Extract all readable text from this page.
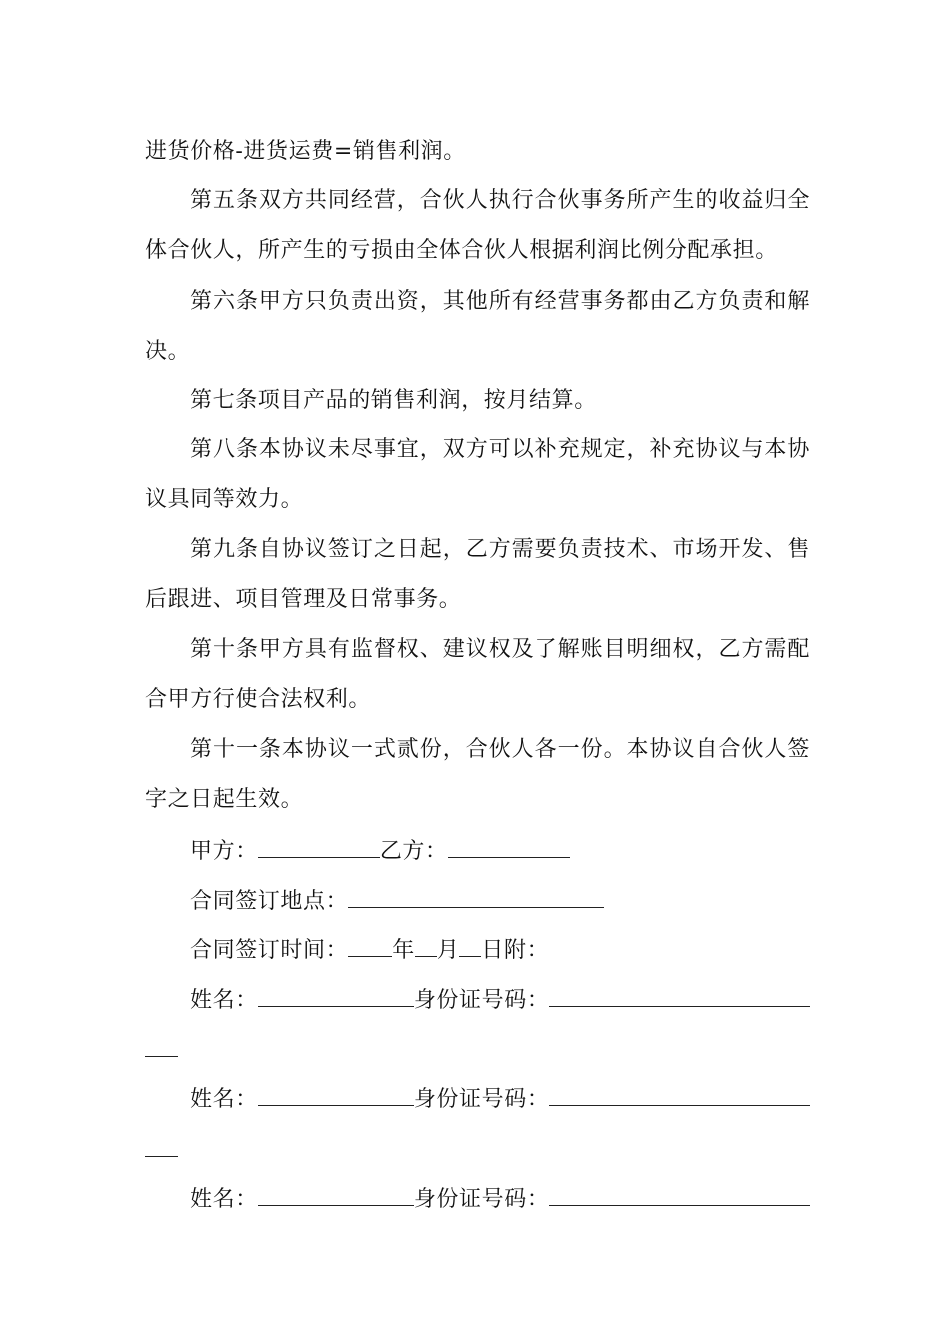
进货价格-进货运费=销售利润。
第五条双方共同经营，合伙人执行合伙事务所产生的收益归全
体合伙人，所产生的亏损由全体合伙人根据利润比例分配承担。
第六条甲方只负责出资，其他所有经营事务都由乙方负责和解
决。
第七条项目产品的销售利润，按月结算。
第八条本协议未尽事宜，双方可以补充规定，补充协议与本协
议具同等效力。
第九条自协议签订之日起，乙方需要负责技术、市场开发、售
后跟进、项目管理及日常事务。
第十条甲方具有监督权、建议权及了解账目明细权，乙方需配
合甲方行使合法权利。
第十一条本协议一式贰份，合伙人各一份。本协议自合伙人签
字之日起生效。
甲方：	乙方：
合同签订地点：
合同签订时间： 年 月 日附：
姓名：	身份证号码：
姓名：	身份证号码：
姓名：	身份证号码：
